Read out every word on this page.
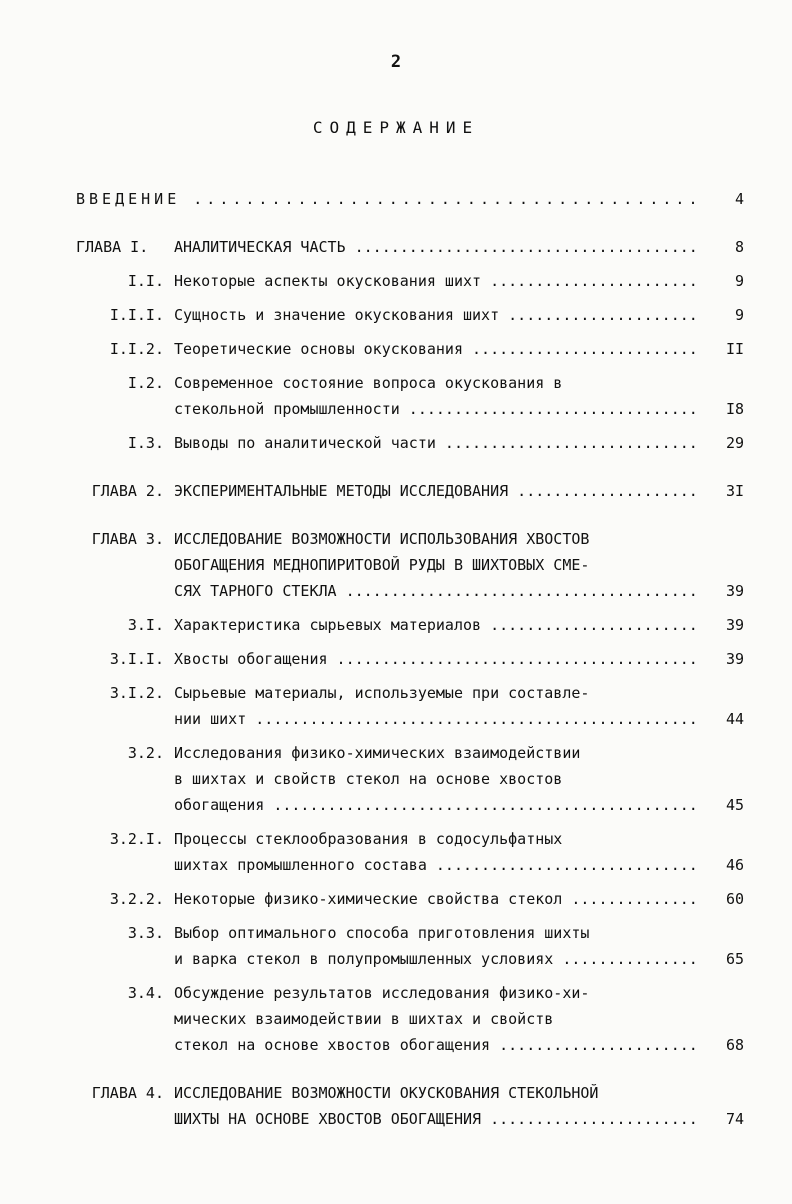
2
СОДЕРЖАНИЕ
ВВЕДЕНИЕ .....	4
ГЛАВА I. АНАЛИТИЧЕСКАЯ ЧАСТЬ .....	8
I.I. Некоторые аспекты окускования шихт .....	9
I.I.I. Сущность и значение окускования шихт .....	9
I.I.2. Теоретические основы окускования .....	II
I.2. Современное состояние вопроса окускования в
стекольной промышленности .....	I8
I.3. Выводы по аналитической части .....	29
ГЛАВА 2. ЭКСПЕРИМЕНТАЛЬНЫЕ МЕТОДЫ ИССЛЕДОВАНИЯ .....	3I
ГЛАВА 3. ИССЛЕДОВАНИЕ ВОЗМОЖНОСТИ ИСПОЛЬЗОВАНИЯ ХВОСТОВ
ОБОГАЩЕНИЯ МЕДНОПИРИТОВОЙ РУДЫ В ШИХТОВЫХ СМЕ-
СЯХ ТАРНОГО СТЕКЛА .....	39
3.I. Характеристика сырьевых материалов .....	39
3.I.I. Хвосты обогащения .....	39
3.I.2. Сырьевые материалы, используемые при составле-
нии шихт .....	44
3.2. Исследования физико-химических взаимодействии
в шихтах и свойств стекол на основе хвостов
обогащения .....	45
3.2.I. Процессы стеклообразования в содосульфатных
шихтах промышленного состава .....	46
3.2.2. Некоторые физико-химические свойства стекол .....	60
3.3. Выбор оптимального способа приготовления шихты
и варка стекол в полупромышленных условиях .....	65
3.4. Обсуждение результатов исследования физико-хи-
мических взаимодействии в шихтах и свойств
стекол на основе хвостов обогащения .....	68
ГЛАВА 4. ИССЛЕДОВАНИЕ ВОЗМОЖНОСТИ ОКУСКОВАНИЯ СТЕКОЛЬНОЙ
ШИХТЫ НА ОСНОВЕ ХВОСТОВ ОБОГАЩЕНИЯ .....	74
